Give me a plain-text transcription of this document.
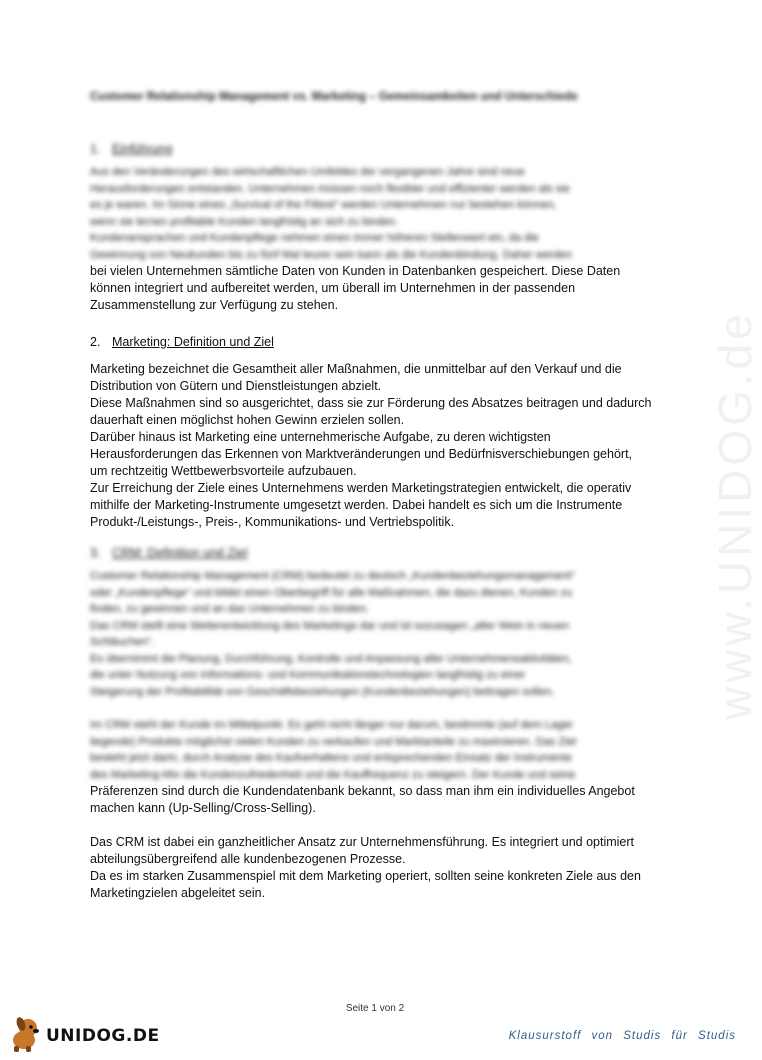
www.UNIDOG.de
Customer Relationship Management vs. Marketing – Gemeinsamkeiten und Unterschiede
1. Einführung
Aus den Veränderungen des wirtschaftlichen Umfeldes der vergangenen Jahre sind neue
Herausforderungen entstanden. Unternehmen müssen noch flexibler und effizienter werden als sie
es je waren. Im Sinne eines „Survival of the Fittest“ werden Unternehmen nur bestehen können,
wenn sie lernen profitable Kunden langfristig an sich zu binden.
Kundenansprachen und Kundenpflege nehmen einen immer höheren Stellenwert ein, da die
Gewinnung von Neukunden bis zu fünf Mal teurer sein kann als die Kundenbindung. Daher werden
bei vielen Unternehmen sämtliche Daten von Kunden in Datenbanken gespeichert. Diese Daten
können integriert und aufbereitet werden, um überall im Unternehmen in der passenden
Zusammenstellung zur Verfügung zu stehen.
2. Marketing: Definition und Ziel
Marketing bezeichnet die Gesamtheit aller Maßnahmen, die unmittelbar auf den Verkauf und die
Distribution von Gütern und Dienstleistungen abzielt.
Diese Maßnahmen sind so ausgerichtet, dass sie zur Förderung des Absatzes beitragen und dadurch
dauerhaft einen möglichst hohen Gewinn erzielen sollen.
Darüber hinaus ist Marketing eine unternehmerische Aufgabe, zu deren wichtigsten
Herausforderungen das Erkennen von Marktveränderungen und Bedürfnisverschiebungen gehört,
um rechtzeitig Wettbewerbsvorteile aufzubauen.
Zur Erreichung der Ziele eines Unternehmens werden Marketingstrategien entwickelt, die operativ
mithilfe der Marketing-Instrumente umgesetzt werden. Dabei handelt es sich um die Instrumente
Produkt-/Leistungs-, Preis-, Kommunikations- und Vertriebspolitik.
3. CRM: Definition und Ziel
Customer Relationship Management (CRM) bedeutet zu deutsch „Kundenbeziehungsmanagement“
oder „Kundenpflege“ und bildet einen Oberbegriff für alle Maßnahmen, die dazu dienen, Kunden zu
finden, zu gewinnen und an das Unternehmen zu binden.
Das CRM stellt eine Weiterentwicklung des Marketings dar und ist sozusagen „alter Wein in neuen
Schläuchen“.
Es übernimmt die Planung, Durchführung, Kontrolle und Anpassung aller Unternehmensaktivitäten,
die unter Nutzung von Informations- und Kommunikationstechnologien langfristig zu einer
Steigerung der Profitabilität von Geschäftsbeziehungen (Kundenbeziehungen) beitragen sollen.
Im CRM steht der Kunde im Mittelpunkt. Es geht nicht länger nur darum, bestimmte (auf dem Lager
liegende) Produkte möglichst vielen Kunden zu verkaufen und Marktanteile zu maximieren. Das Ziel
besteht jetzt darin, durch Analyse des Kaufverhaltens und entsprechenden Einsatz der Instrumente
des Marketing-Mix die Kundenzufriedenheit und die Kauffrequenz zu steigern. Der Kunde und seine
Präferenzen sind durch die Kundendatenbank bekannt, so dass man ihm ein individuelles Angebot
machen kann (Up-Selling/Cross-Selling).
Das CRM ist dabei ein ganzheitlicher Ansatz zur Unternehmensführung. Es integriert und optimiert
abteilungsübergreifend alle kundenbezogenen Prozesse.
Da es im starken Zusammenspiel mit dem Marketing operiert, sollten seine konkreten Ziele aus den
Marketingzielen abgeleitet sein.
Seite 1 von 2
UNIDOG.DE	Klausurstoff von Studis für Studis
